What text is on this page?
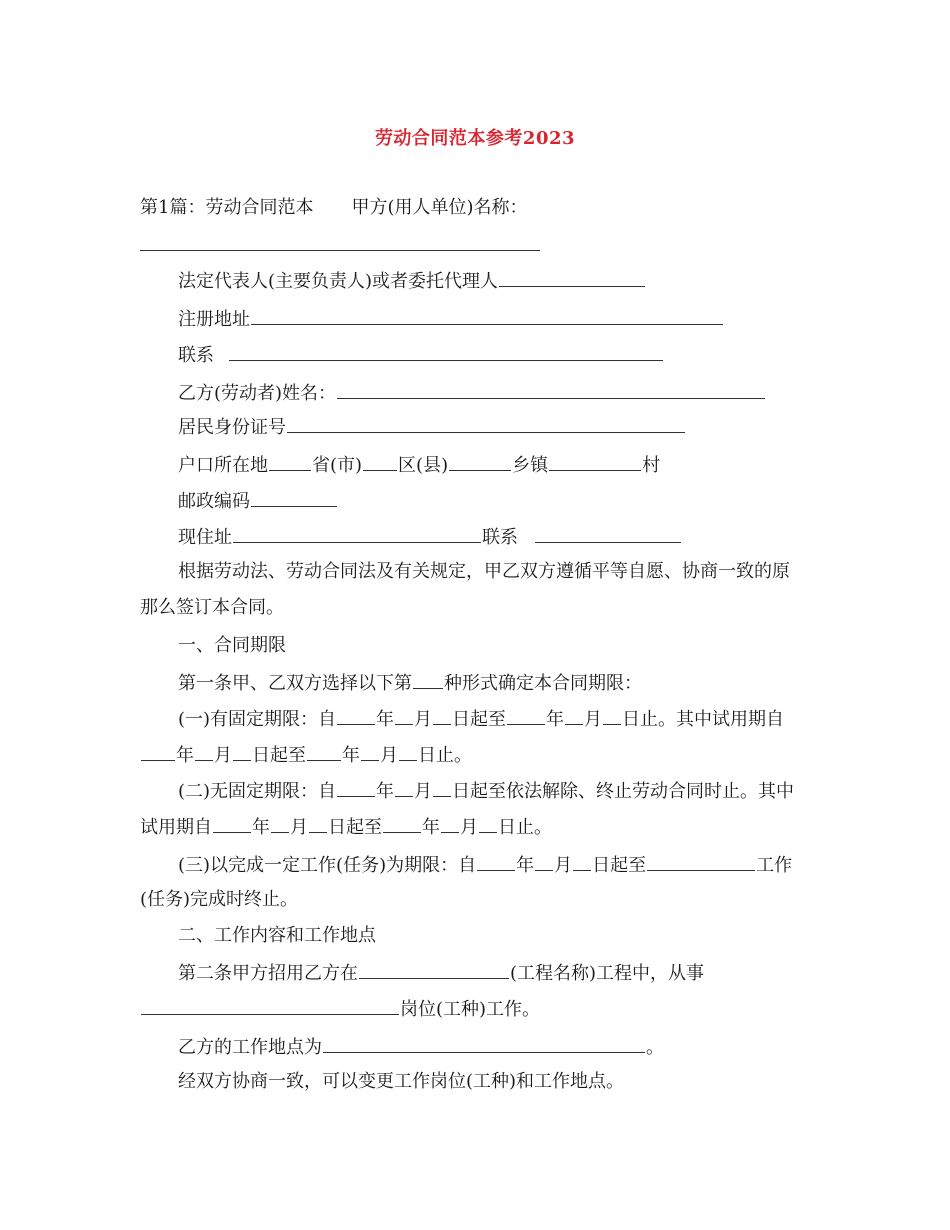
劳动合同范本参考2023
第1篇：劳动合同范本 甲方(用人单位)名称：
法定代表人(主要负责人)或者委托代理人
注册地址
联系
乙方(劳动者)姓名：
居民身份证号
户口所在地 省(市) 区(县)	乡镇	村
邮政编码
现住址	联系
根据劳动法、劳动合同法及有关规定，甲乙双方遵循平等自愿、协商一致的原
那么签订本合同。
一、合同期限
第一条甲、乙双方选择以下第 种形式确定本合同期限：
(一)有固定期限：自 年 月 日起至 年 月 日止。其中试用期自
年 月 日起至 年 月 日止。
(二)无固定期限：自 年 月 日起至依法解除、终止劳动合同时止。其中
试用期自 年 月 日起至 年 月 日止。
(三)以完成一定工作(任务)为期限：自 年 月 日起至	工作
(任务)完成时终止。
二、工作内容和工作地点
第二条甲方招用乙方在	(工程名称)工程中，从事
岗位(工种)工作。
乙方的工作地点为	。
经双方协商一致，可以变更工作岗位(工种)和工作地点。
